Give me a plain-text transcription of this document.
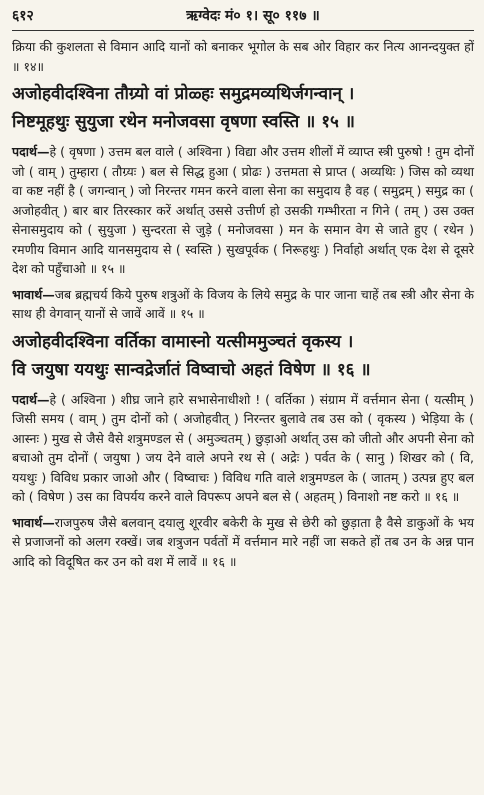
६१२	ऋग्वेदः मं० १। सू० ११७ ॥

क्रिया की कुशलता से विमान आदि यानों को बनाकर भूगोल के सब ओर विहार कर नित्य आनन्दयुक्त हों ॥ १४॥

अजोहवीदश्विना तौग्र्यो वां प्रोळ्हः समुद्रमव्यथिर्जगन्वान् ।

निष्टमूहथुः सुयुजा रथेन मनोजवसा वृषणा स्वस्ति ॥ १५ ॥

पदार्थ—हे ( वृषणा ) उत्तम बल वाले ( अश्विना ) विद्या और उत्तम शीलों में व्याप्त स्त्री पुरुषो ! तुम दोनों जो ( वाम् ) तुम्हारा ( तौग्र्यः ) बल से सिद्ध हुआ ( प्रोढः ) उत्तमता से प्राप्त ( अव्यथिः ) जिस को व्यथा वा कष्ट नहीं है ( जगन्वान् ) जो निरन्तर गमन करने वाला सेना का समुदाय है वह ( समुद्रम् ) समुद्र का ( अजोहवीत् ) बार बार तिरस्कार करें अर्थात् उससे उत्तीर्ण हो उसकी गम्भीरता न गिने ( तम् ) उस उक्त सेनासमुदाय को ( सुयुजा ) सुन्दरता से जुड़े ( मनोजवसा ) मन के समान वेग से जाते हुए ( रथेन ) रमणीय विमान आदि यानसमुदाय से ( स्वस्ति ) सुखपूर्वक ( निरूहथुः ) निर्वाहो अर्थात् एक देश से दूसरे देश को पहुँचाओ ॥ १५ ॥

भावार्थ—जब ब्रह्मचर्य किये पुरुष शत्रुओं के विजय के लिये समुद्र के पार जाना चाहें तब स्त्री और सेना के साथ ही वेगवान् यानों से जावें आवें ॥ १५ ॥

अजोहवीदश्विना वर्तिका वामास्नो यत्सीममुञ्चतं वृकस्य ।

वि जयुषा ययथुः सान्वद्रेर्जातं विष्वाचो अहतं विषेण ॥ १६ ॥

पदार्थ—हे ( अश्विना ) शीघ्र जाने हारे सभासेनाधीशो ! ( वर्तिका ) संग्राम में वर्त्तमान सेना ( यत्सीम् ) जिसी समय ( वाम् ) तुम दोनों को ( अजोहवीत् ) निरन्तर बुलावे तब उस को ( वृकस्य ) भेड़िया के ( आस्नः ) मुख से जैसे वैसे शत्रुमण्डल से ( अमुञ्चतम् ) छुड़ाओ अर्थात् उस को जीतो और अपनी सेना को बचाओ तुम दोनों ( जयुषा ) जय देने वाले अपने रथ से ( अद्रेः ) पर्वत के ( सानु ) शिखर को ( वि, ययथुः ) विविध प्रकार जाओ और ( विष्वाचः ) विविध गति वाले शत्रुमण्डल के ( जातम् ) उत्पन्न हुए बल को ( विषेण ) उस का विपर्यय करने वाले विपरूप अपने बल से ( अहतम् ) विनाशो नष्ट करो ॥ १६ ॥

भावार्थ—राजपुरुष जैसे बलवान् दयालु शूरवीर बकेरी के मुख से छेरी को छुड़ाता है वैसे डाकुओं के भय से प्रजाजनों को अलग रक्खें। जब शत्रुजन पर्वतों में वर्त्तमान मारे नहीं जा सकते हों तब उन के अन्न पान आदि को विदूषित कर उन को वश में लावें ॥ १६ ॥
